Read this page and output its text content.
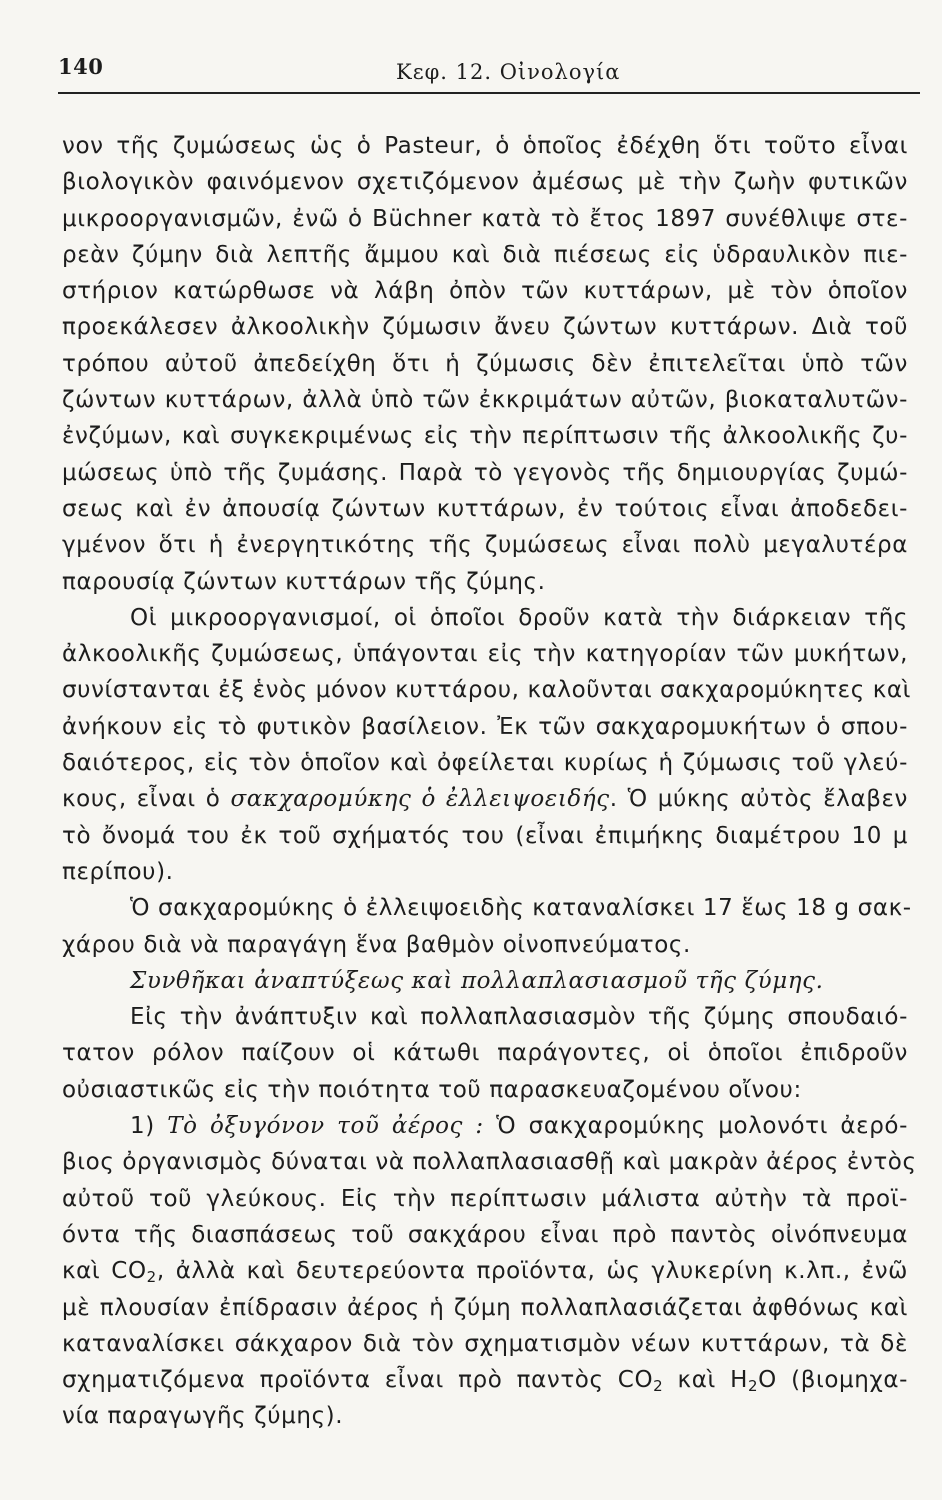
140	Κεφ. 12. Οἰνολογία
νον τῆς ζυμώσεως ὡς ὁ Pasteur, ὁ ὁποῖος ἐδέχθη ὅτι τοῦτο εἶναι
βιολογικὸν φαινόμενον σχετιζόμενον ἀμέσως μὲ τὴν ζωὴν φυτικῶν
μικροοργανισμῶν, ἐνῶ ὁ Büchner κατὰ τὸ ἔτος 1897 συνέθλιψε στε-
ρεὰν ζύμην διὰ λεπτῆς ἄμμου καὶ διὰ πιέσεως εἰς ὑδραυλικὸν πιε-
στήριον κατώρθωσε νὰ λάβη ὀπὸν τῶν κυττάρων, μὲ τὸν ὁποῖον
προεκάλεσεν ἀλκοολικὴν ζύμωσιν ἄνευ ζώντων κυττάρων. Διὰ τοῦ
τρόπου αὐτοῦ ἀπεδείχθη ὅτι ἡ ζύμωσις δὲν ἐπιτελεῖται ὑπὸ τῶν
ζώντων κυττάρων, ἀλλὰ ὑπὸ τῶν ἐκκριμάτων αὐτῶν, βιοκαταλυτῶν-
ἐνζύμων, καὶ συγκεκριμένως εἰς τὴν περίπτωσιν τῆς ἀλκοολικῆς ζυ-
μώσεως ὑπὸ τῆς ζυμάσης. Παρὰ τὸ γεγονὸς τῆς δημιουργίας ζυμώ-
σεως καὶ ἐν ἀπουσίᾳ ζώντων κυττάρων, ἐν τούτοις εἶναι ἀποδεδει-
γμένον ὅτι ἡ ἐνεργητικότης τῆς ζυμώσεως εἶναι πολὺ μεγαλυτέρα
παρουσίᾳ ζώντων κυττάρων τῆς ζύμης.
Οἱ μικροοργανισμοί, οἱ ὁποῖοι δροῦν κατὰ τὴν διάρκειαν τῆς
ἀλκοολικῆς ζυμώσεως, ὑπάγονται εἰς τὴν κατηγορίαν τῶν μυκήτων,
συνίστανται ἐξ ἑνὸς μόνον κυττάρου, καλοῦνται σακχαρομύκητες καὶ
ἀνήκουν εἰς τὸ φυτικὸν βασίλειον. Ἐκ τῶν σακχαρομυκήτων ὁ σπου-
δαιότερος, εἰς τὸν ὁποῖον καὶ ὀφείλεται κυρίως ἡ ζύμωσις τοῦ γλεύ-
κους, εἶναι ὁ σακχαρομύκης ὁ ἐλλειψοειδής. Ὁ μύκης αὐτὸς ἔλαβεν
τὸ ὄνομά του ἐκ τοῦ σχήματός του (εἶναι ἐπιμήκης διαμέτρου 10 μ
περίπου).
Ὁ σακχαρομύκης ὁ ἐλλειψοειδὴς καταναλίσκει 17 ἕως 18 g σακ-
χάρου διὰ νὰ παραγάγη ἕνα βαθμὸν οἰνοπνεύματος.
Συνθῆκαι ἀναπτύξεως καὶ πολλαπλασιασμοῦ τῆς ζύμης.
Εἰς τὴν ἀνάπτυξιν καὶ πολλαπλασιασμὸν τῆς ζύμης σπουδαιό-
τατον ρόλον παίζουν οἱ κάτωθι παράγοντες, οἱ ὁποῖοι ἐπιδροῦν
οὐσιαστικῶς εἰς τὴν ποιότητα τοῦ παρασκευαζομένου οἴνου:
1) Τὸ ὀξυγόνον τοῦ ἀέρος : Ὁ σακχαρομύκης μολονότι ἀερό-
βιος ὀργανισμὸς δύναται νὰ πολλαπλασιασθῇ καὶ μακρὰν ἀέρος ἐντὸς
αὐτοῦ τοῦ γλεύκους. Εἰς τὴν περίπτωσιν μάλιστα αὐτὴν τὰ προϊ-
όντα τῆς διασπάσεως τοῦ σακχάρου εἶναι πρὸ παντὸς οἰνόπνευμα
καὶ $CO_2$, ἀλλὰ καὶ δευτερεύοντα προϊόντα, ὡς γλυκερίνη κ.λπ., ἐνῶ
μὲ πλουσίαν ἐπίδρασιν ἀέρος ἡ ζύμη πολλαπλασιάζεται ἀφθόνως καὶ
καταναλίσκει σάκχαρον διὰ τὸν σχηματισμὸν νέων κυττάρων, τὰ δὲ
σχηματιζόμενα προϊόντα εἶναι πρὸ παντὸς $CO_2$ καὶ $H_2O$ (βιομηχα-
νία παραγωγῆς ζύμης).
